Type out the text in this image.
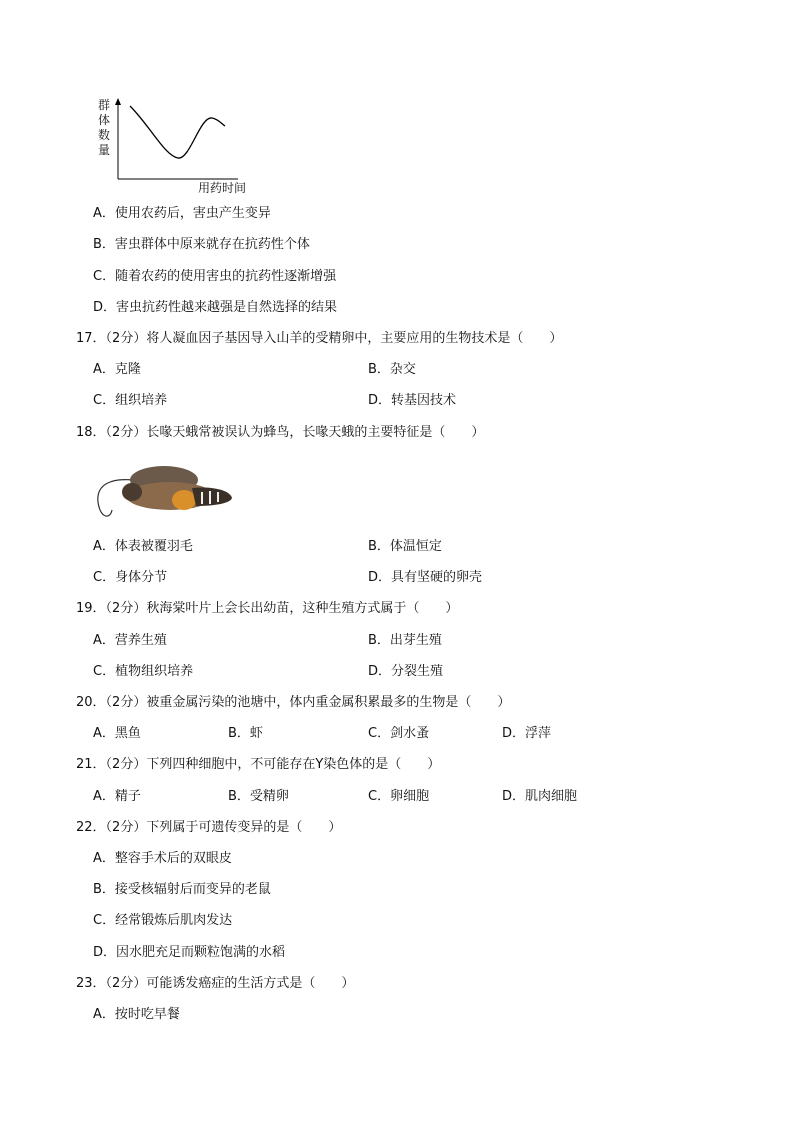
群
体
数
量
用药时间
A．使用农药后，害虫产生变异
B．害虫群体中原来就存在抗药性个体
C．随着农药的使用害虫的抗药性逐渐增强
D．害虫抗药性越来越强是自然选择的结果
17．（2分）将人凝血因子基因导入山羊的受精卵中，主要应用的生物技术是（　　）
A．克隆	B．杂交
C．组织培养	D．转基因技术
18．（2分）长喙天蛾常被误认为蜂鸟，长喙天蛾的主要特征是（　　）
A．体表被覆羽毛	B．体温恒定
C．身体分节	D．具有坚硬的卵壳
19．（2分）秋海棠叶片上会长出幼苗，这种生殖方式属于（　　）
A．营养生殖	B．出芽生殖
C．植物组织培养	D．分裂生殖
20．（2分）被重金属污染的池塘中，体内重金属积累最多的生物是（　　）
A．黑鱼	B．虾	C．剑水蚤	D．浮萍
21．（2分）下列四种细胞中，不可能存在Y染色体的是（　　）
A．精子	B．受精卵	C．卵细胞	D．肌肉细胞
22．（2分）下列属于可遗传变异的是（　　）
A．整容手术后的双眼皮
B．接受核辐射后而变异的老鼠
C．经常锻炼后肌肉发达
D．因水肥充足而颗粒饱满的水稻
23．（2分）可能诱发癌症的生活方式是（　　）
A．按时吃早餐
